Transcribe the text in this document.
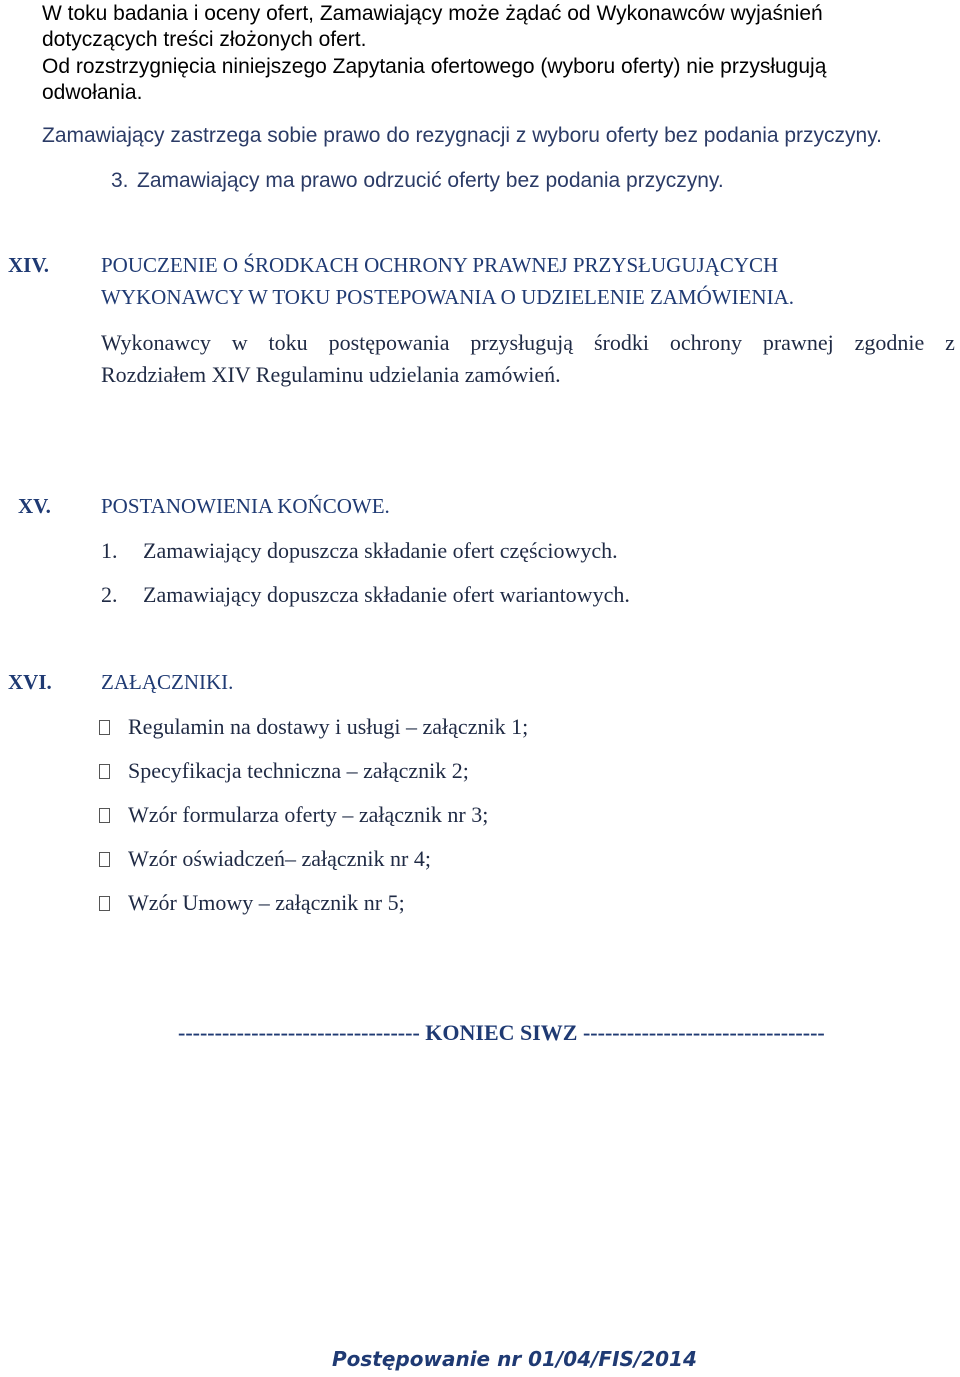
W toku badania i oceny ofert, Zamawiający może żądać od Wykonawców wyjaśnień
dotyczących treści złożonych ofert.
Od rozstrzygnięcia niniejszego Zapytania ofertowego (wyboru oferty) nie przysługują
odwołania.
Zamawiający zastrzega sobie prawo do rezygnacji z wyboru oferty bez podania przyczyny.
3. Zamawiający ma prawo odrzucić oferty bez podania przyczyny.
XIV. POUCZENIE O ŚRODKACH OCHRONY PRAWNEJ PRZYSŁUGUJĄCYCH
WYKONAWCY W TOKU POSTEPOWANIA O UDZIELENIE ZAMÓWIENIA.
Wykonawcy w toku postępowania przysługują środki ochrony prawnej zgodnie z
Rozdziałem XIV Regulaminu udzielania zamówień.
XV. POSTANOWIENIA KOŃCOWE.
1. Zamawiający dopuszcza składanie ofert częściowych.
2. Zamawiający dopuszcza składanie ofert wariantowych.
XVI. ZAŁĄCZNIKI.
Regulamin na dostawy i usługi – załącznik 1;
Specyfikacja techniczna – załącznik 2;
Wzór formularza oferty – załącznik nr 3;
Wzór oświadczeń– załącznik nr 4;
Wzór Umowy – załącznik nr 5;
--------------------------------- KONIEC SIWZ ---------------------------------
Postępowanie nr 01/04/FIS/2014
